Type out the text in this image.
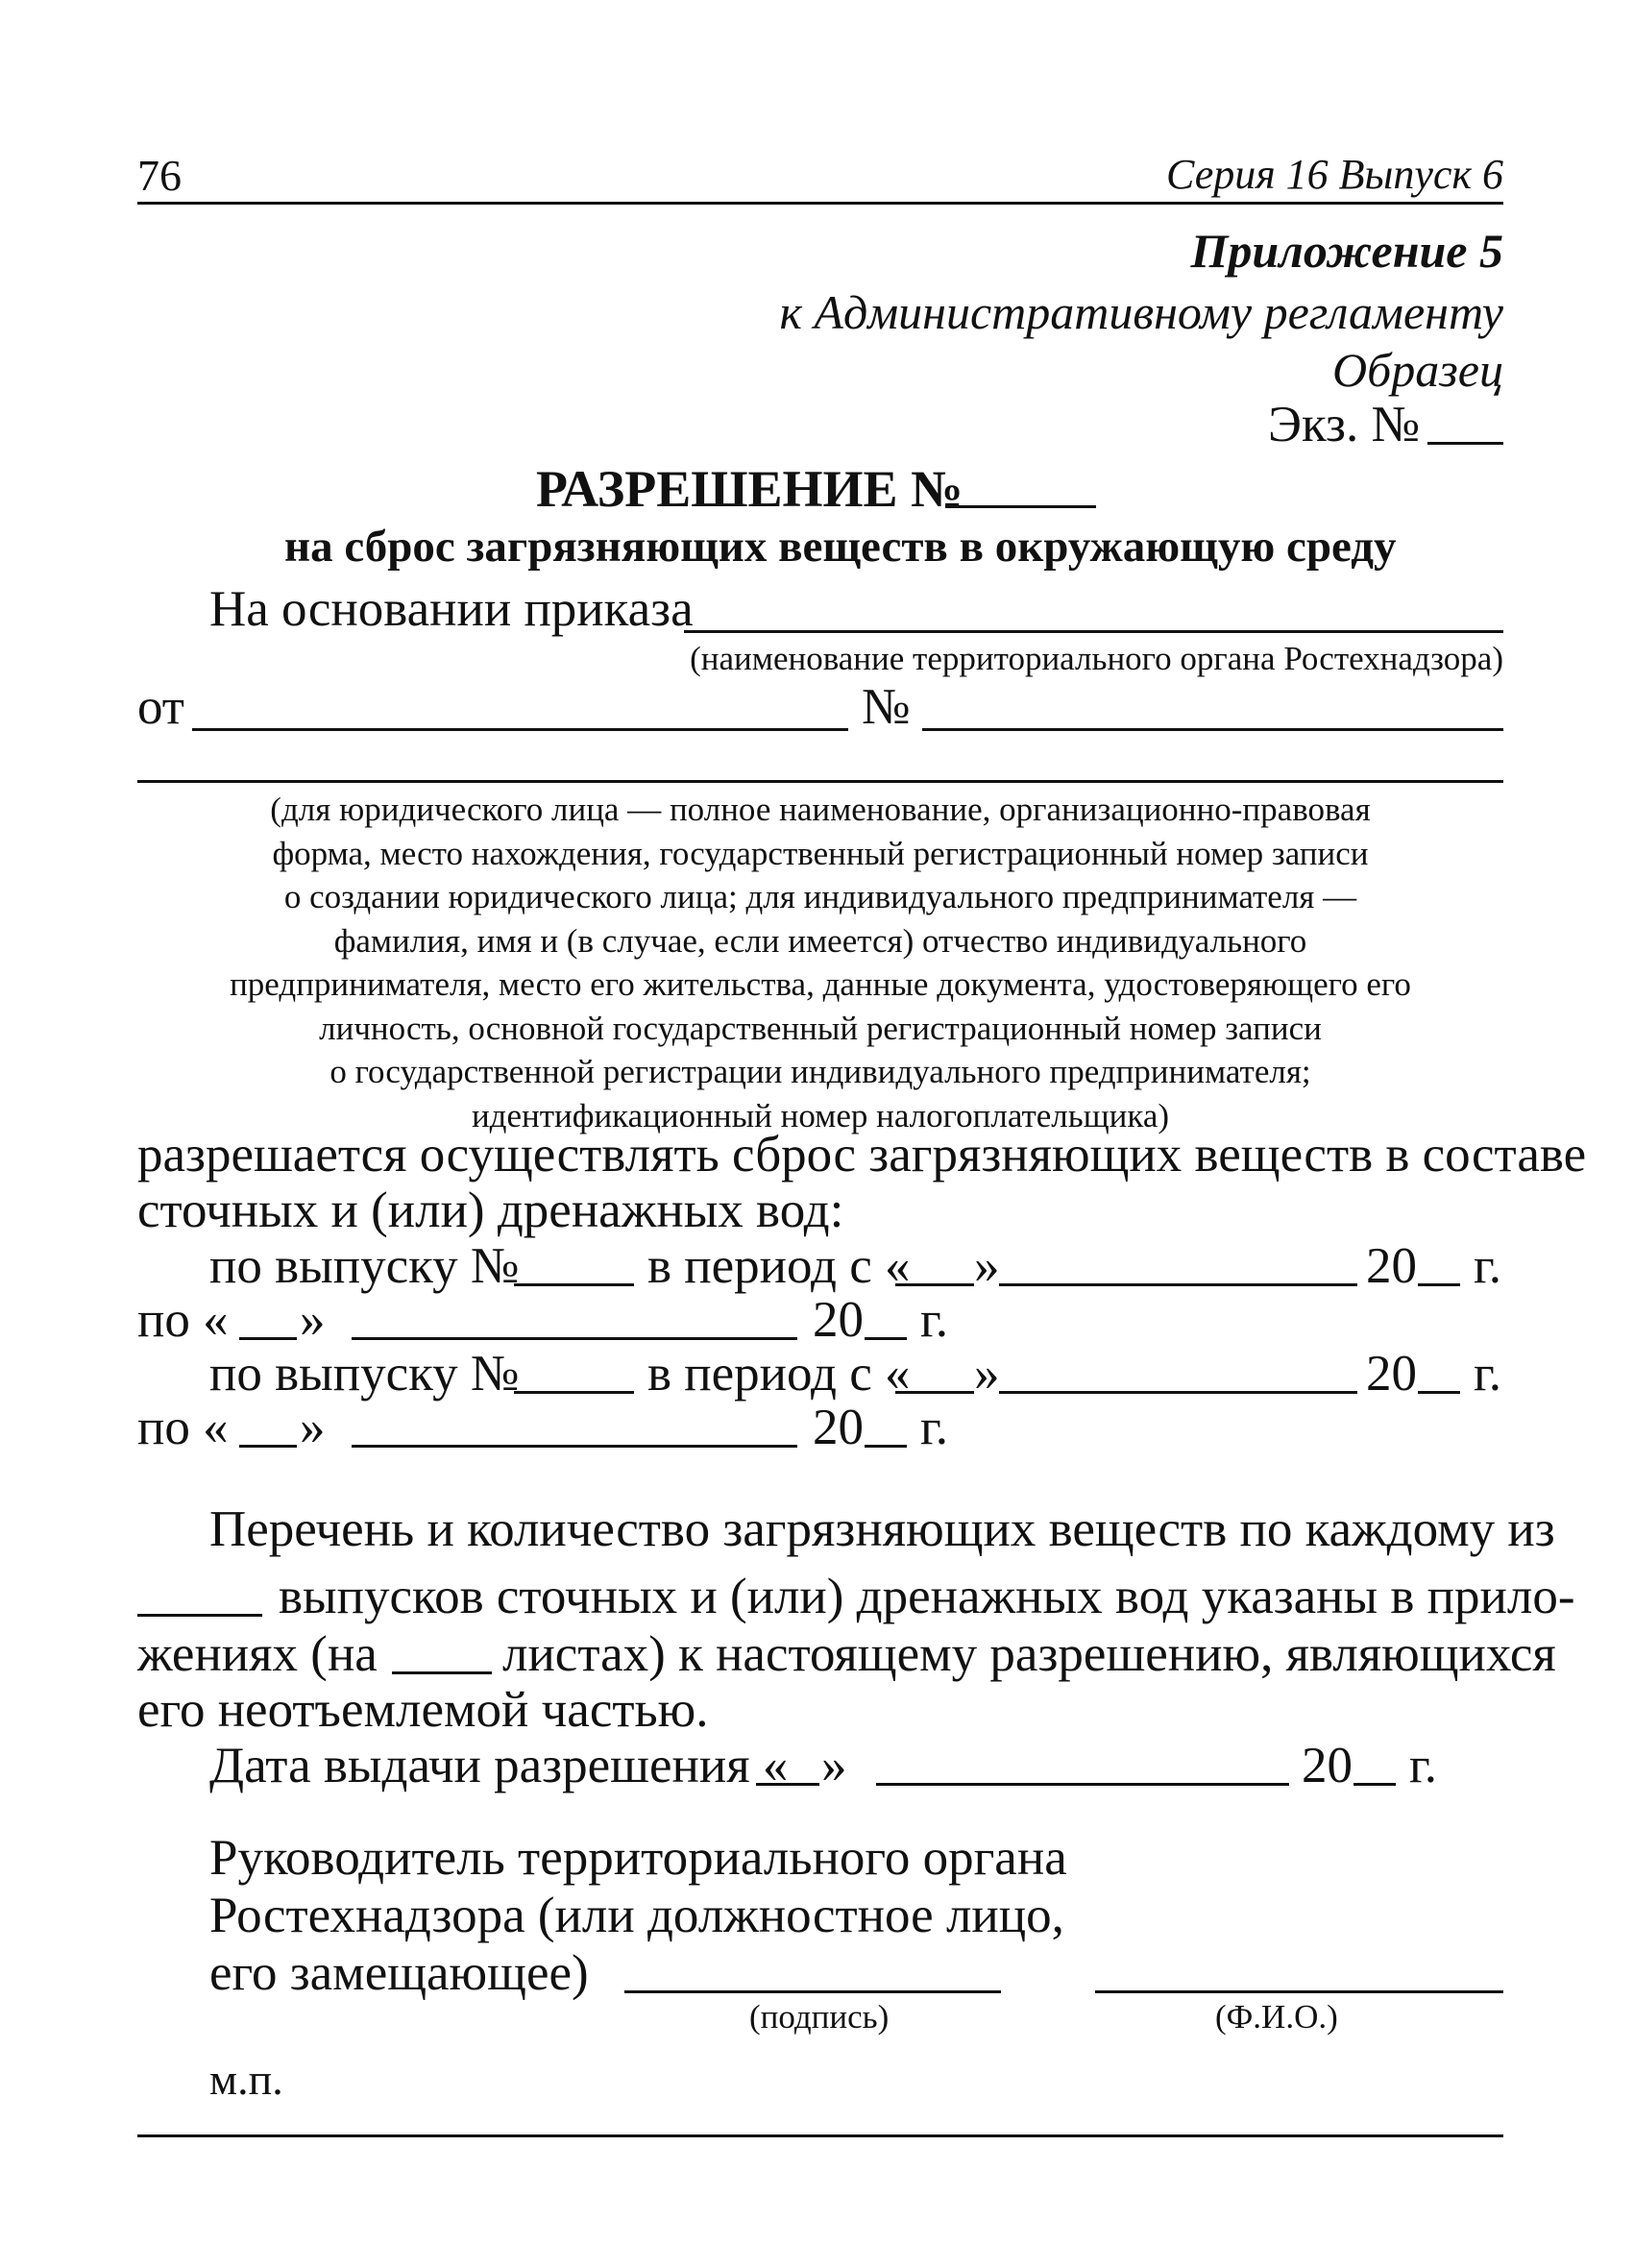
76	Серия 16 Выпуск 6
Приложение 5
к Административному регламенту
Образец
Экз. №
РАЗРЕШЕНИЕ №
на сброс загрязняющих веществ в окружающую среду
На основании приказа
(наименование территориального органа Ростехнадзора)
от	№
(для юридического лица — полное наименование, организационно-правовая
форма, место нахождения, государственный регистрационный номер записи
о создании юридического лица; для индивидуального предпринимателя —
фамилия, имя и (в случае, если имеется) отчество индивидуального
предпринимателя, место его жительства, данные документа, удостоверяющего его
личность, основной государственный регистрационный номер записи
о государственной регистрации индивидуального предпринимателя;
идентификационный номер налогоплательщика)
разрешается осуществлять сброс загрязняющих веществ в составе
сточных и (или) дренажных вод:
по выпуску №	в период с « »	20 г.
по « »	20 г.
по выпуску №	в период с « »	20 г.
по « »	20 г.
Перечень и количество загрязняющих веществ по каждому из
выпусков сточных и (или) дренажных вод указаны в прило-
жениях (на листах) к настоящему разрешению, являющихся
его неотъемлемой частью.
Дата выдачи разрешения « »	20 г.
Руководитель территориального органа
Ростехнадзора (или должностное лицо,
его замещающее)
(подпись)	(Ф.И.О.)
м.п.
